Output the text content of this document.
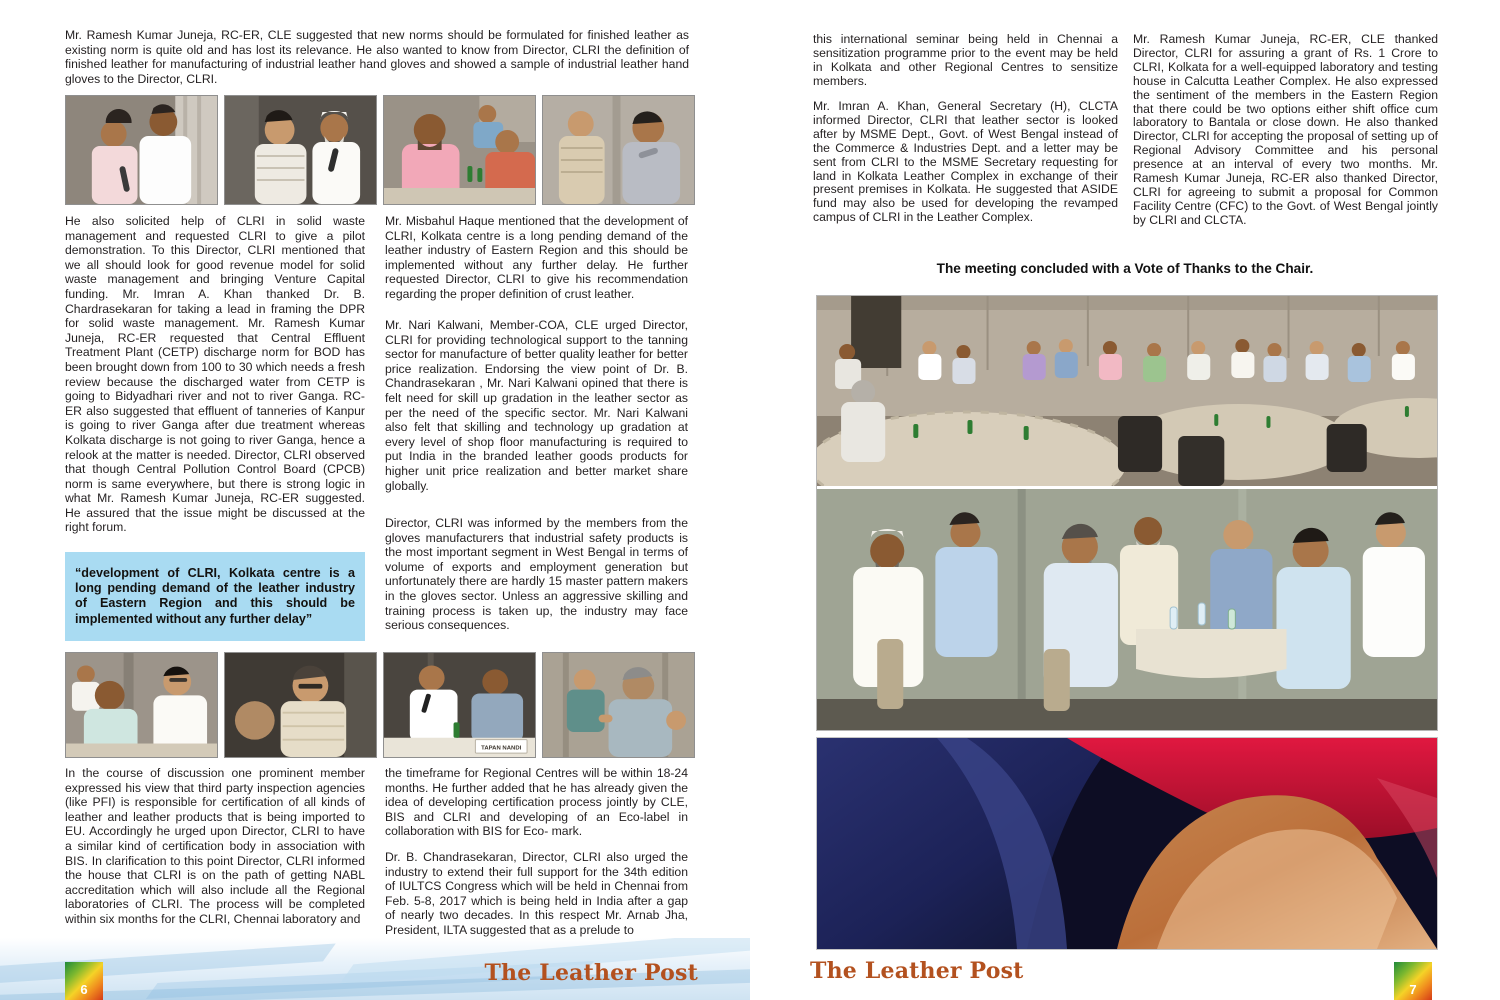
Mr. Ramesh Kumar Juneja, RC-ER, CLE suggested that new norms should be formulated for finished leather as existing norm is quite old and has lost its relevance. He also wanted to know from Director, CLRI the definition of finished leather for manufacturing of industrial leather hand gloves and showed a sample of industrial leather hand gloves to the Director, CLRI.

He also solicited help of CLRI in solid waste management and requested CLRI to give a pilot demonstration. To this Director, CLRI mentioned that we all should look for good revenue model for solid waste management and bringing Venture Capital funding. Mr. Imran A. Khan thanked Dr. B. Chardrasekaran for taking a lead in framing the DPR for solid waste management. Mr. Ramesh Kumar Juneja, RC-ER requested that Central Effluent Treatment Plant (CETP) discharge norm for BOD has been brought down from 100 to 30 which needs a fresh review because the discharged water from CETP is going to Bidyadhari river and not to river Ganga. RC-ER also suggested that effluent of tanneries of Kanpur is going to river Ganga after due treatment whereas Kolkata discharge is not going to river Ganga, hence a relook at the matter is needed. Director, CLRI observed that though Central Pollution Control Board (CPCB) norm is same everywhere, but there is strong logic in what Mr. Ramesh Kumar Juneja, RC-ER suggested. He assured that the issue might be discussed at the right forum.

“development of CLRI, Kolkata centre is a long pending demand of the leather industry of Eastern Region and this should be implemented without any further delay”

Mr. Misbahul Haque mentioned that the development of CLRI, Kolkata centre is a long pending demand of the leather industry of Eastern Region and this should be implemented without any further delay. He further requested Director, CLRI to give his recommendation regarding the proper definition of crust leather.

Mr. Nari Kalwani, Member-COA, CLE urged Director, CLRI for providing technological support to the tanning sector for manufacture of better quality leather for better price realization. Endorsing the view point of Dr. B. Chandrasekaran , Mr. Nari Kalwani opined that there is felt need for skill up gradation in the leather sector as per the need of the specific sector. Mr. Nari Kalwani also felt that skilling and technology up gradation at every level of shop floor manufacturing is required to put India in the branded leather goods products for higher unit price realization and better market share globally.

Director, CLRI was informed by the members from the gloves manufacturers that industrial safety products is the most important segment in West Bengal in terms of volume of exports and employment generation but unfortunately there are hardly 15 master pattern makers in the gloves sector. Unless an aggressive skilling and training process is taken up, the industry may face serious consequences.

TAPAN NANDI

In the course of discussion one prominent member expressed his view that third party inspection agencies (like PFI) is responsible for certification of all kinds of leather and leather products that is being imported to EU. Accordingly he urged upon Director, CLRI to have a similar kind of certification body in association with BIS. In clarification to this point Director, CLRI informed the house that CLRI is on the path of getting NABL accreditation which will also include all the Regional laboratories of CLRI. The process will be completed within six months for the CLRI, Chennai laboratory and

the timeframe for Regional Centres will be within 18-24 months. He further added that he has already given the idea of developing certification process jointly by CLE, BIS and CLRI and developing of an Eco-label in collaboration with BIS for Eco- mark.

Dr. B. Chandrasekaran, Director, CLRI also urged the industry to extend their full support for the 34th edition of IULTCS Congress which will be held in Chennai from Feb. 5-8, 2017 which is being held in India after a gap of nearly two decades. In this respect Mr. Arnab Jha, President, ILTA suggested that as a prelude to

The Leather Post
6

this international seminar being held in Chennai a sensitization programme prior to the event may be held in Kolkata and other Regional Centres to sensitize members.

Mr. Imran A. Khan, General Secretary (H), CLCTA informed Director, CLRI that leather sector is looked after by MSME Dept., Govt. of West Bengal instead of the Commerce & Industries Dept. and a letter may be sent from CLRI to the MSME Secretary requesting for land in Kolkata Leather Complex in exchange of their present premises in Kolkata. He suggested that ASIDE fund may also be used for developing the revamped campus of CLRI in the Leather Complex.

Mr. Ramesh Kumar Juneja, RC-ER, CLE thanked Director, CLRI for assuring a grant of Rs. 1 Crore to CLRI, Kolkata for a well-equipped laboratory and testing house in Calcutta Leather Complex. He also expressed the sentiment of the members in the Eastern Region that there could be two options either shift office cum laboratory to Bantala or close down. He also thanked Director, CLRI for accepting the proposal of setting up of Regional Advisory Committee and his personal presence at an interval of every two months. Mr. Ramesh Kumar Juneja, RC-ER also thanked Director, CLRI for agreeing to submit a proposal for Common Facility Centre (CFC) to the Govt. of West Bengal jointly by CLRI and CLCTA.

The meeting concluded with a Vote of Thanks to the Chair.
The Leather Post
7
